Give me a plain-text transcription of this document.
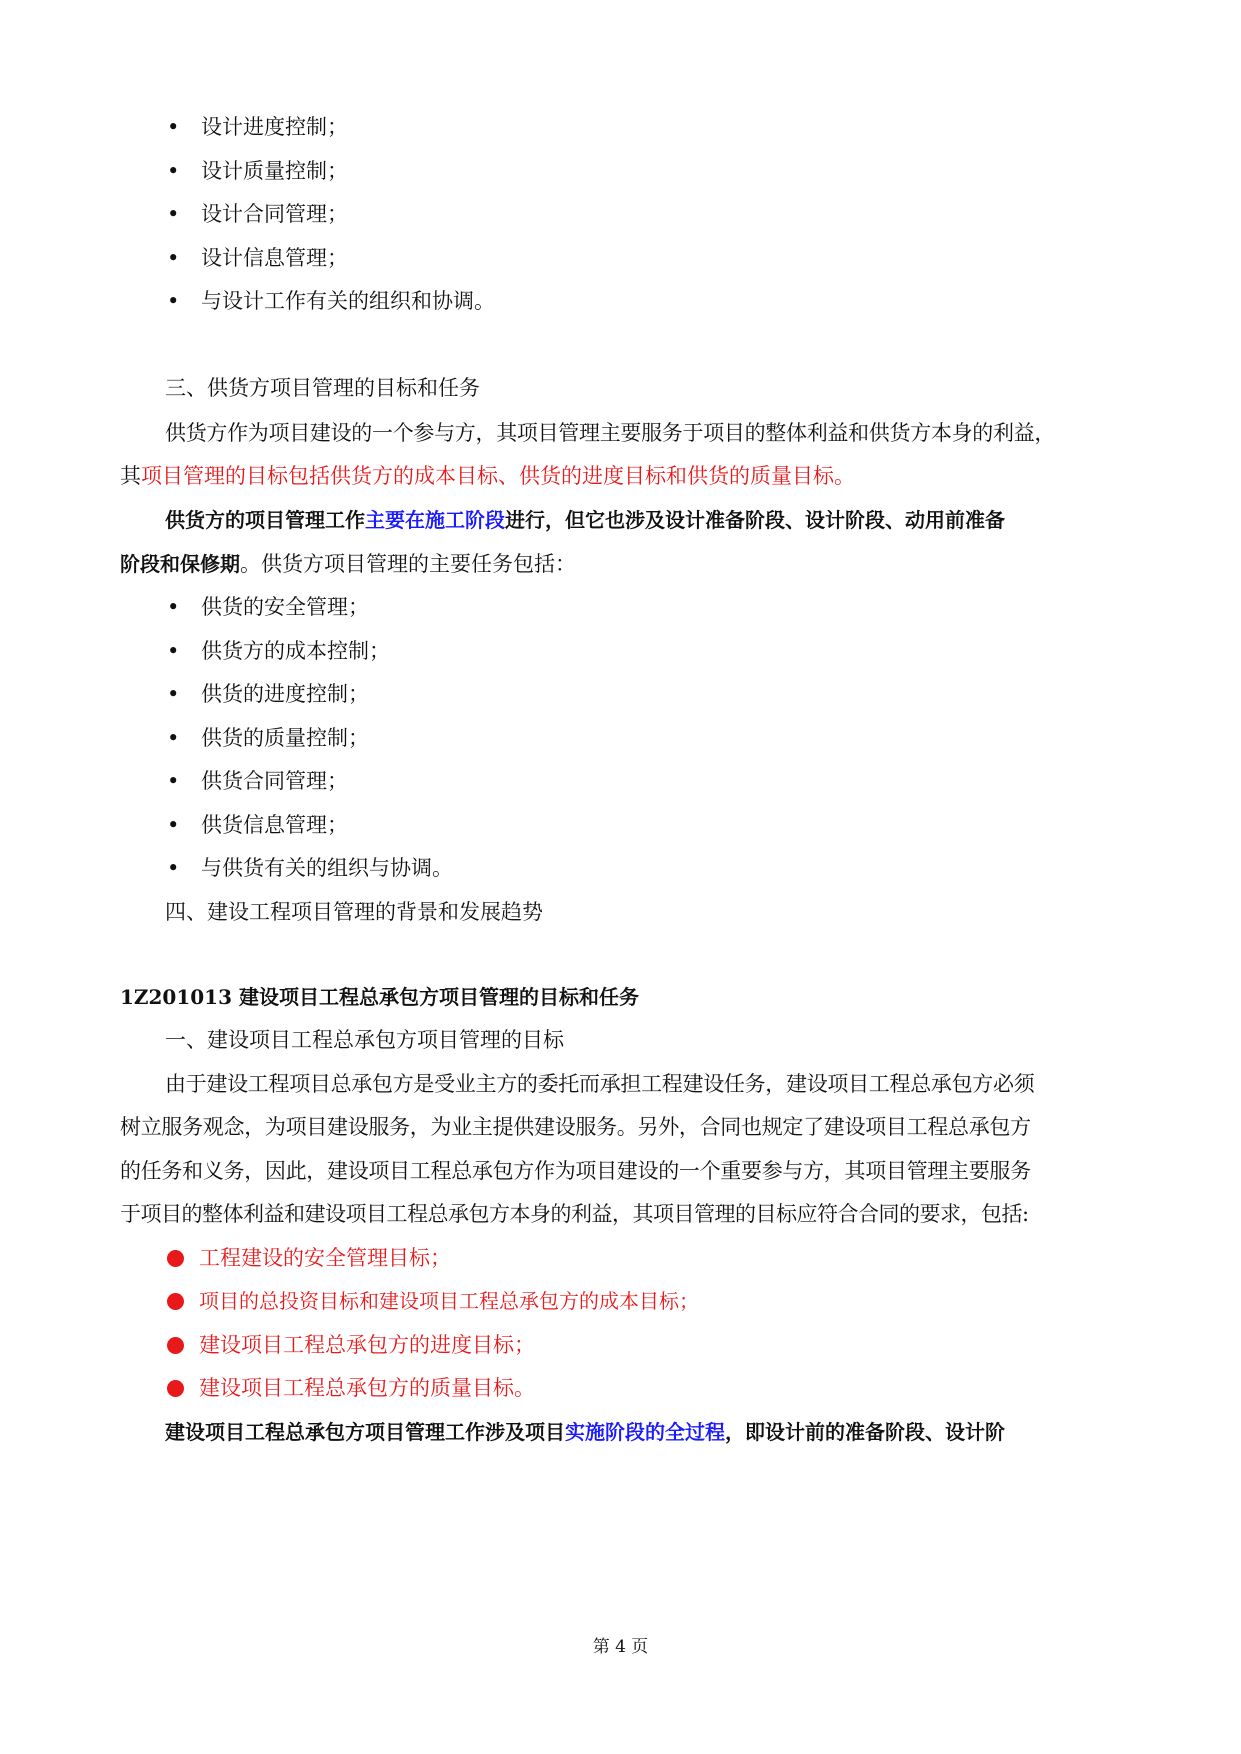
• 设计进度控制；
• 设计质量控制；
• 设计合同管理；
• 设计信息管理；
• 与设计工作有关的组织和协调。
三、供货方项目管理的目标和任务
供货方作为项目建设的一个参与方，其项目管理主要服务于项目的整体利益和供货方本身的利益，
其项目管理的目标包括供货方的成本目标、供货的进度目标和供货的质量目标。
供货方的项目管理工作主要在施工阶段进行，但它也涉及设计准备阶段、设计阶段、动用前准备
阶段和保修期。供货方项目管理的主要任务包括：
• 供货的安全管理；
• 供货方的成本控制；
• 供货的进度控制；
• 供货的质量控制；
• 供货合同管理；
• 供货信息管理；
• 与供货有关的组织与协调。
四、建设工程项目管理的背景和发展趋势
1Z201013 建设项目工程总承包方项目管理的目标和任务
一、建设项目工程总承包方项目管理的目标
由于建设工程项目总承包方是受业主方的委托而承担工程建设任务，建设项目工程总承包方必须
树立服务观念，为项目建设服务，为业主提供建设服务。另外，合同也规定了建设项目工程总承包方
的任务和义务，因此，建设项目工程总承包方作为项目建设的一个重要参与方，其项目管理主要服务
于项目的整体利益和建设项目工程总承包方本身的利益，其项目管理的目标应符合合同的要求，包括:
工程建设的安全管理目标；
项目的总投资目标和建设项目工程总承包方的成本目标；
建设项目工程总承包方的进度目标；
建设项目工程总承包方的质量目标。
建设项目工程总承包方项目管理工作涉及项目实施阶段的全过程，即设计前的准备阶段、设计阶
第 4 页
